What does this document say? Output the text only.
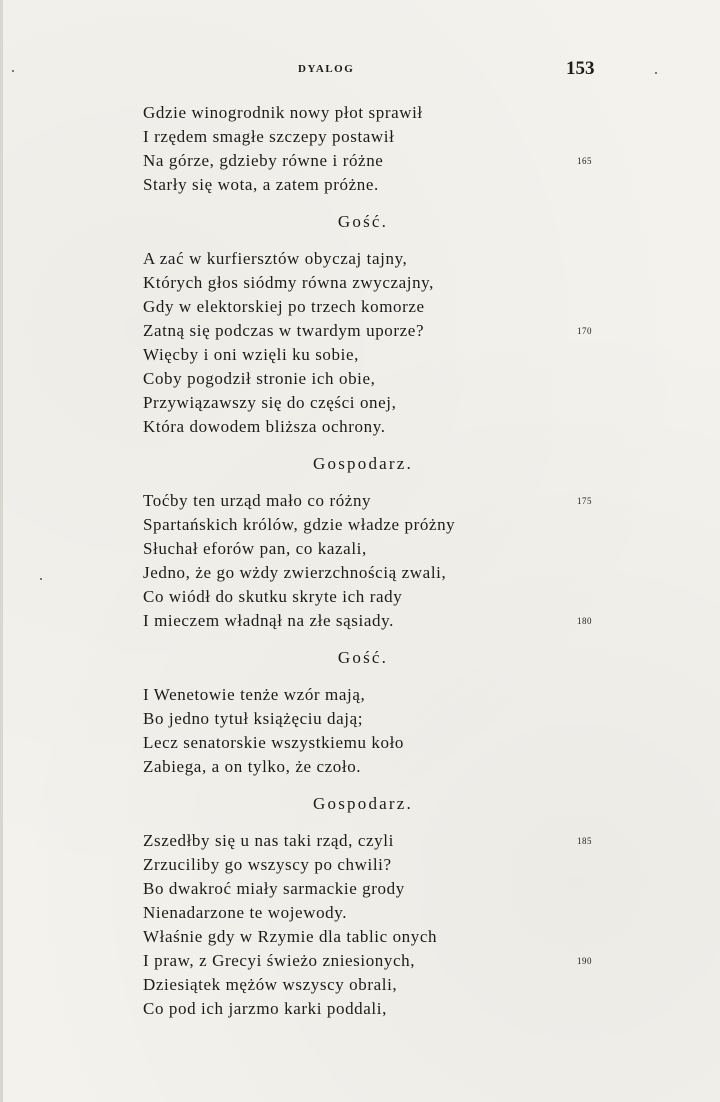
DYALOG	153
Gdzie winogrodnik nowy płot sprawił
I rzędem smagłe szczepy postawił
Na górze, gdzieby równe i różne	165
Starły się wota, a zatem próżne.
Gość.
A zać w kurfiersztów obyczaj tajny,
Których głos siódmy równa zwyczajny,
Gdy w elektorskiej po trzech komorze
Zatną się podczas w twardym uporze?	170
Więcby i oni wzięli ku sobie,
Coby pogodził stronie ich obie,
Przywiązawszy się do części onej,
Która dowodem bliższa ochrony.
Gospodarz.
Toćby ten urząd mało co różny	175
Spartańskich królów, gdzie władze próżny
Słuchał eforów pan, co kazali,
Jedno, że go wżdy zwierzchnością zwali,
Co wiódł do skutku skryte ich rady
I mieczem władnął na złe sąsiady.	180
Gość.
I Wenetowie tenże wzór mają,
Bo jedno tytuł książęciu dają;
Lecz senatorskie wszystkiemu koło
Zabiega, a on tylko, że czoło.
Gospodarz.
Zszedłby się u nas taki rząd, czyli	185
Zrzuciliby go wszyscy po chwili?
Bo dwakroć miały sarmackie grody
Nienadarzone te wojewody.
Właśnie gdy w Rzymie dla tablic onych
I praw, z Grecyi świeżo zniesionych,	190
Dziesiątek mężów wszyscy obrali,
Co pod ich jarzmo karki poddali,
